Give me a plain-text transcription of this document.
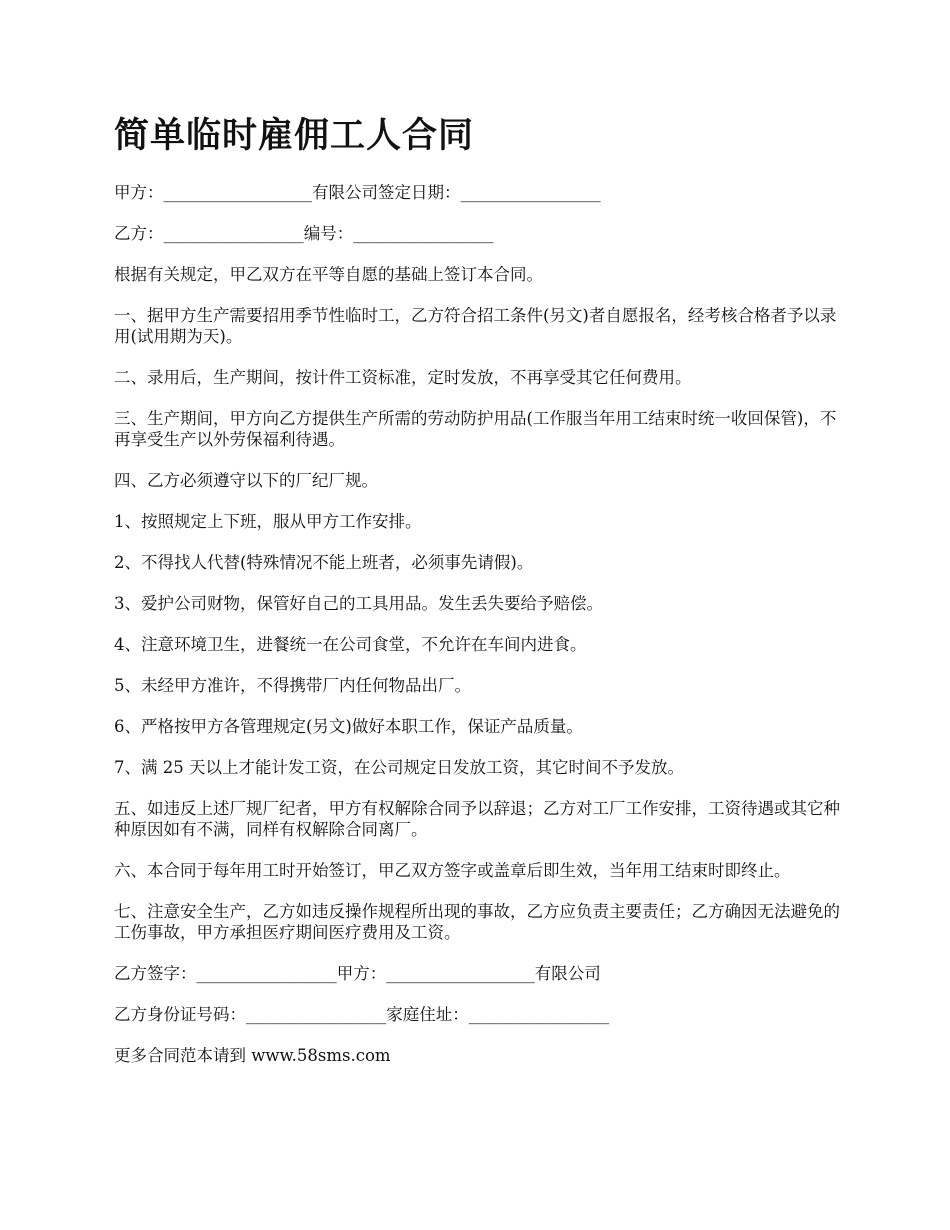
简单临时雇佣工人合同

甲方：__________________有限公司签定日期：_________________

乙方：_________________编号：_________________

根据有关规定，甲乙双方在平等自愿的基础上签订本合同。

一、据甲方生产需要招用季节性临时工，乙方符合招工条件(另文)者自愿报名，经考核合格者予以录用(试用期为天)。

二、录用后，生产期间，按计件工资标准，定时发放，不再享受其它任何费用。

三、生产期间，甲方向乙方提供生产所需的劳动防护用品(工作服当年用工结束时统一收回保管)，不再享受生产以外劳保福利待遇。

四、乙方必须遵守以下的厂纪厂规。

1、按照规定上下班，服从甲方工作安排。

2、不得找人代替(特殊情况不能上班者，必须事先请假)。

3、爱护公司财物，保管好自己的工具用品。发生丢失要给予赔偿。

4、注意环境卫生，进餐统一在公司食堂，不允许在车间内进食。

5、未经甲方准许，不得携带厂内任何物品出厂。

6、严格按甲方各管理规定(另文)做好本职工作，保证产品质量。

7、满 25 天以上才能计发工资，在公司规定日发放工资，其它时间不予发放。

五、如违反上述厂规厂纪者，甲方有权解除合同予以辞退；乙方对工厂工作安排，工资待遇或其它种种原因如有不满，同样有权解除合同离厂。

六、本合同于每年用工时开始签订，甲乙双方签字或盖章后即生效，当年用工结束时即终止。

七、注意安全生产，乙方如违反操作规程所出现的事故，乙方应负责主要责任；乙方确因无法避免的工伤事故，甲方承担医疗期间医疗费用及工资。

乙方签字：_________________甲方：__________________有限公司

乙方身份证号码：_________________家庭住址：_________________

更多合同范本请到 www.58sms.com
